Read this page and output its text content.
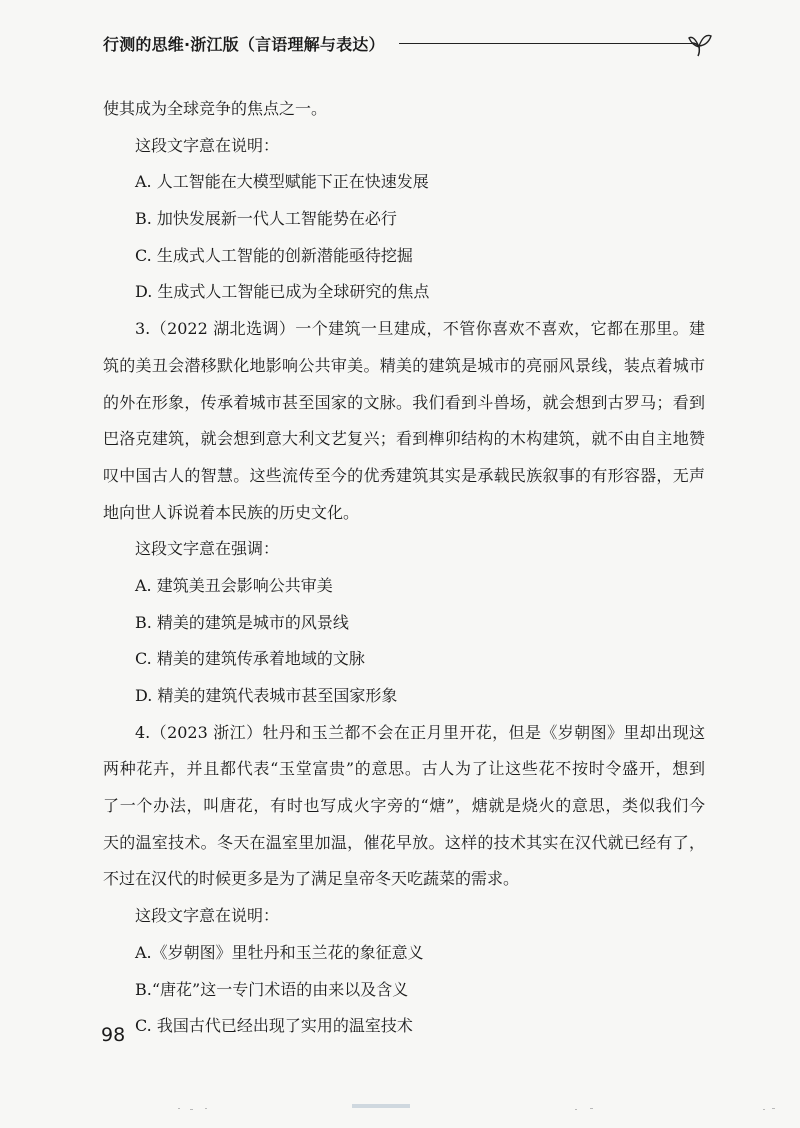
行测的思维·浙江版（言语理解与表达）
使其成为全球竞争的焦点之一。
这段文字意在说明：
A. 人工智能在大模型赋能下正在快速发展
B. 加快发展新一代人工智能势在必行
C. 生成式人工智能的创新潜能亟待挖掘
D. 生成式人工智能已成为全球研究的焦点
3.（2022 湖北选调）一个建筑一旦建成，不管你喜欢不喜欢，它都在那里。建
筑的美丑会潜移默化地影响公共审美。精美的建筑是城市的亮丽风景线，装点着城市
的外在形象，传承着城市甚至国家的文脉。我们看到斗兽场，就会想到古罗马；看到
巴洛克建筑，就会想到意大利文艺复兴；看到榫卯结构的木构建筑，就不由自主地赞
叹中国古人的智慧。这些流传至今的优秀建筑其实是承载民族叙事的有形容器，无声
地向世人诉说着本民族的历史文化。
这段文字意在强调：
A. 建筑美丑会影响公共审美
B. 精美的建筑是城市的风景线
C. 精美的建筑传承着地域的文脉
D. 精美的建筑代表城市甚至国家形象
4.（2023 浙江）牡丹和玉兰都不会在正月里开花，但是《岁朝图》里却出现这
两种花卉，并且都代表“玉堂富贵”的意思。古人为了让这些花不按时令盛开，想到
了一个办法，叫唐花，有时也写成火字旁的“煻”，煻就是烧火的意思，类似我们今
天的温室技术。冬天在温室里加温，催花早放。这样的技术其实在汉代就已经有了，
不过在汉代的时候更多是为了满足皇帝冬天吃蔬菜的需求。
这段文字意在说明：
A.《岁朝图》里牡丹和玉兰花的象征意义
B.“唐花”这一专门术语的由来以及含义
C. 我国古代已经出现了实用的温室技术
98
